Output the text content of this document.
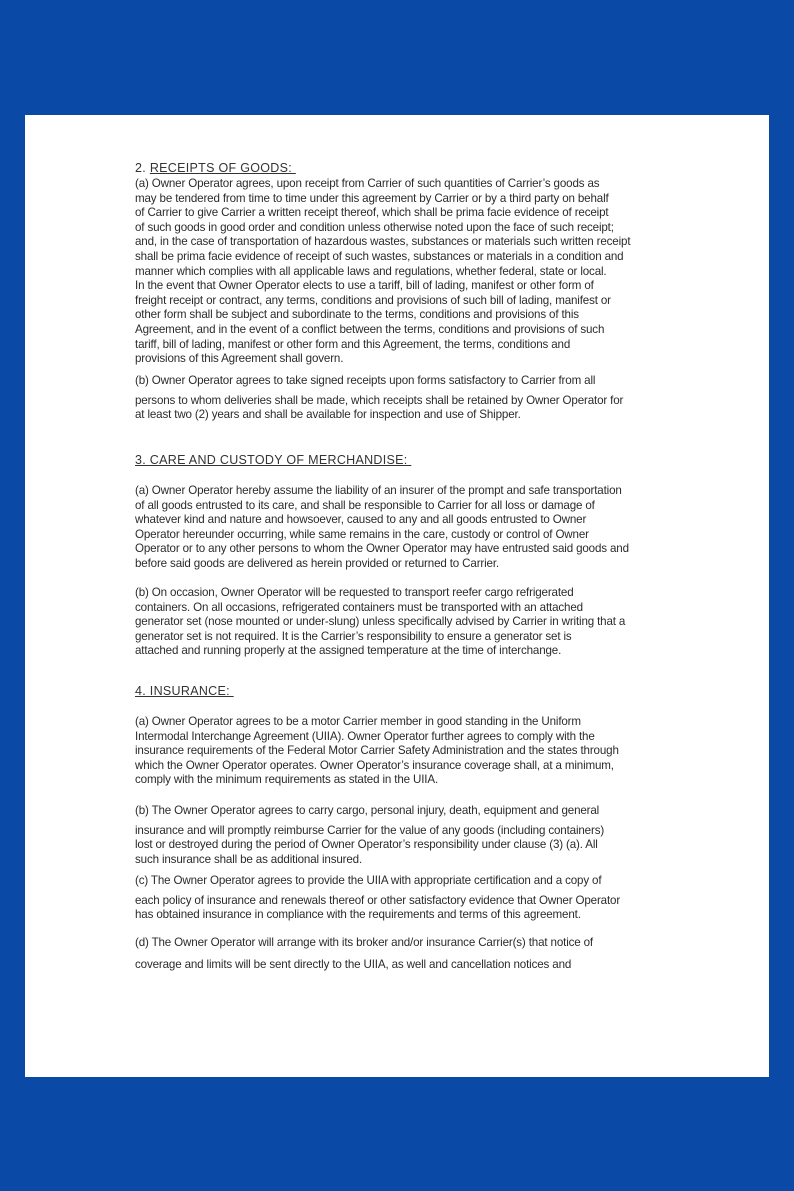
2. RECEIPTS OF GOODS:
(a) Owner Operator agrees, upon receipt from Carrier of such quantities of Carrier’s goods as
may be tendered from time to time under this agreement by Carrier or by a third party on behalf
of Carrier to give Carrier a written receipt thereof, which shall be prima facie evidence of receipt
of such goods in good order and condition unless otherwise noted upon the face of such receipt;
and, in the case of transportation of hazardous wastes, substances or materials such written receipt
shall be prima facie evidence of receipt of such wastes, substances or materials in a condition and
manner which complies with all applicable laws and regulations, whether federal, state or local.
In the event that Owner Operator elects to use a tariff, bill of lading, manifest or other form of
freight receipt or contract, any terms, conditions and provisions of such bill of lading, manifest or
other form shall be subject and subordinate to the terms, conditions and provisions of this
Agreement, and in the event of a conflict between the terms, conditions and provisions of such
tariff, bill of lading, manifest or other form and this Agreement, the terms, conditions and
provisions of this Agreement shall govern.
(b) Owner Operator agrees to take signed receipts upon forms satisfactory to Carrier from all
persons to whom deliveries shall be made, which receipts shall be retained by Owner Operator for
at least two (2) years and shall be available for inspection and use of Shipper.
3. CARE AND CUSTODY OF MERCHANDISE:
(a) Owner Operator hereby assume the liability of an insurer of the prompt and safe transportation
of all goods entrusted to its care, and shall be responsible to Carrier for all loss or damage of
whatever kind and nature and howsoever, caused to any and all goods entrusted to Owner
Operator hereunder occurring, while same remains in the care, custody or control of Owner
Operator or to any other persons to whom the Owner Operator may have entrusted said goods and
before said goods are delivered as herein provided or returned to Carrier.
(b) On occasion, Owner Operator will be requested to transport reefer cargo refrigerated
containers. On all occasions, refrigerated containers must be transported with an attached
generator set (nose mounted or under-slung) unless specifically advised by Carrier in writing that a
generator set is not required. It is the Carrier’s responsibility to ensure a generator set is
attached and running properly at the assigned temperature at the time of interchange.
4. INSURANCE:
(a) Owner Operator agrees to be a motor Carrier member in good standing in the Uniform
Intermodal Interchange Agreement (UIIA). Owner Operator further agrees to comply with the
insurance requirements of the Federal Motor Carrier Safety Administration and the states through
which the Owner Operator operates. Owner Operator’s insurance coverage shall, at a minimum,
comply with the minimum requirements as stated in the UIIA.
(b) The Owner Operator agrees to carry cargo, personal injury, death, equipment and general
insurance and will promptly reimburse Carrier for the value of any goods (including containers)
lost or destroyed during the period of Owner Operator’s responsibility under clause (3) (a). All
such insurance shall be as additional insured.
(c) The Owner Operator agrees to provide the UIIA with appropriate certification and a copy of
each policy of insurance and renewals thereof or other satisfactory evidence that Owner Operator
has obtained insurance in compliance with the requirements and terms of this agreement.
(d) The Owner Operator will arrange with its broker and/or insurance Carrier(s) that notice of
coverage and limits will be sent directly to the UIIA, as well and cancellation notices and
